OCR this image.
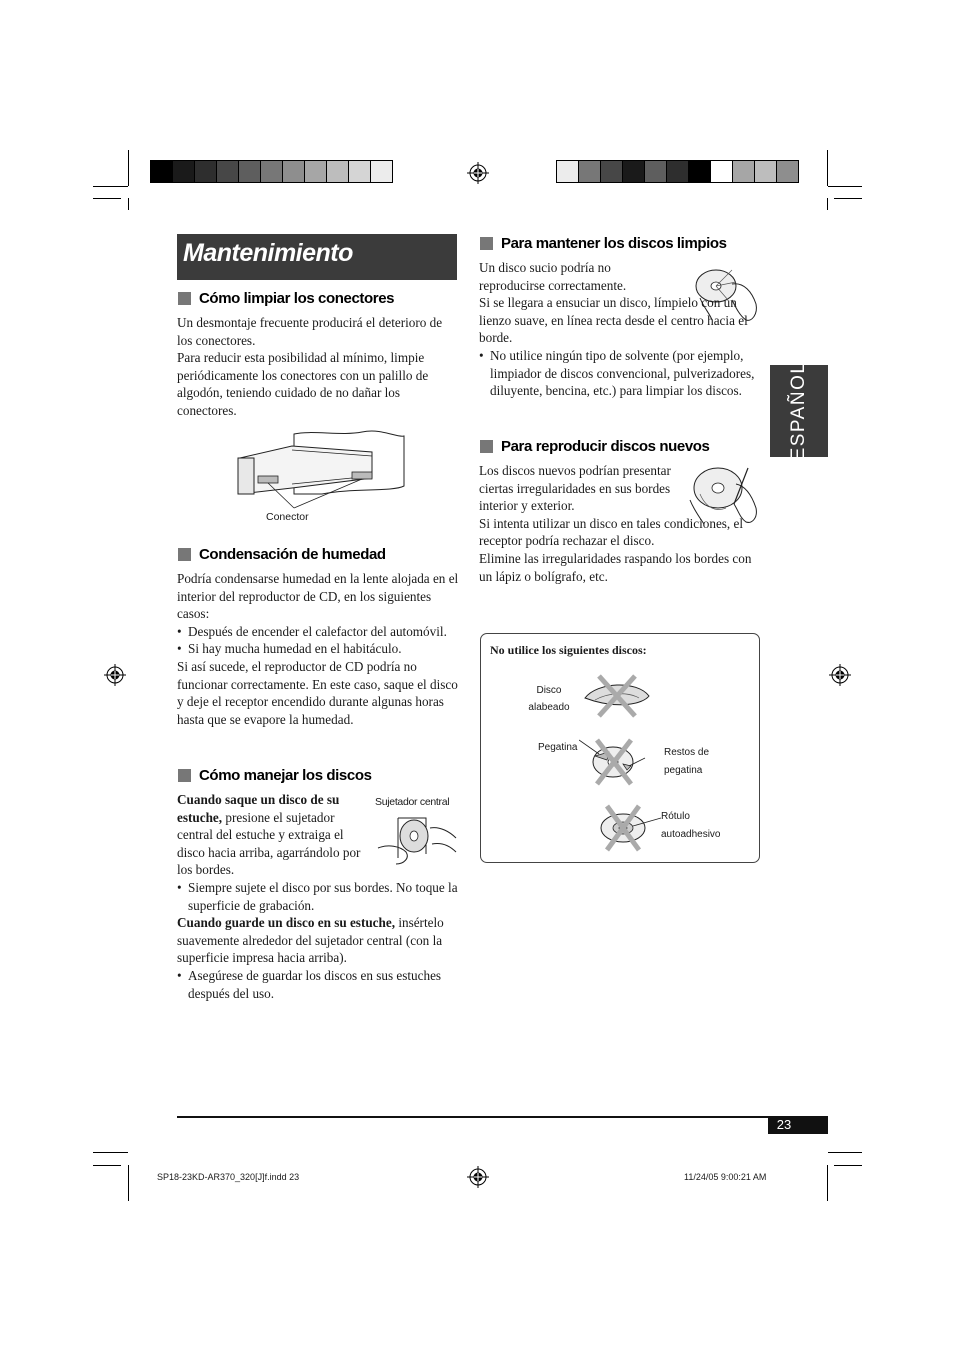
Mantenimiento
ESPAÑOL
Cómo limpiar los conectores

Un desmontaje frecuente producirá el deterioro de los conectores.

Para reducir esta posibilidad al mínimo, limpie periódicamente los conectores con un palillo de algodón, teniendo cuidado de no dañar los conectores.

Conector
Condensación de humedad

Podría condensarse humedad en la lente alojada en el interior del reproductor de CD, en los siguientes casos:

• Después de encender el calefactor del automóvil.
• Si hay mucha humedad en el habitáculo.

Si así sucede, el reproductor de CD podría no funcionar correctamente. En este caso, saque el disco y deje el receptor encendido durante algunas horas hasta que se evapore la humedad.

Cómo manejar los discos
Sujetador central

Cuando saque un disco de su estuche, presione el sujetador central del estuche y extraiga el disco hacia arriba, agarrándolo por los bordes.

• Siempre sujete el disco por sus bordes. No toque la superficie de grabación.

Cuando guarde un disco en su estuche, insértelo suavemente alrededor del sujetador central (con la superficie impresa hacia arriba).

• Asegúrese de guardar los discos en sus estuches después del uso.
Para mantener los discos limpios

Un disco sucio podría no reproducirse correctamente.

Si se llegara a ensuciar un disco, límpielo con un lienzo suave, en línea recta desde el centro hacia el borde.

• No utilice ningún tipo de solvente (por ejemplo, limpiador de discos convencional, pulverizadores, diluyente, bencina, etc.) para limpiar los discos.
Para reproducir discos nuevos

Los discos nuevos podrían presentar ciertas irregularidades en sus bordes interior y exterior.

Si intenta utilizar un disco en tales condiciones, el receptor podría rechazar el disco.

Elimine las irregularidades raspando los bordes con un lápiz o bolígrafo, etc.

No utilice los siguientes discos:
Disco
alabeado
Pegatina	Restos de
pegatina
Rótulo
autoadhesivo
23
SP18-23KD-AR370_320[J]f.indd 23	11/24/05 9:00:21 AM
